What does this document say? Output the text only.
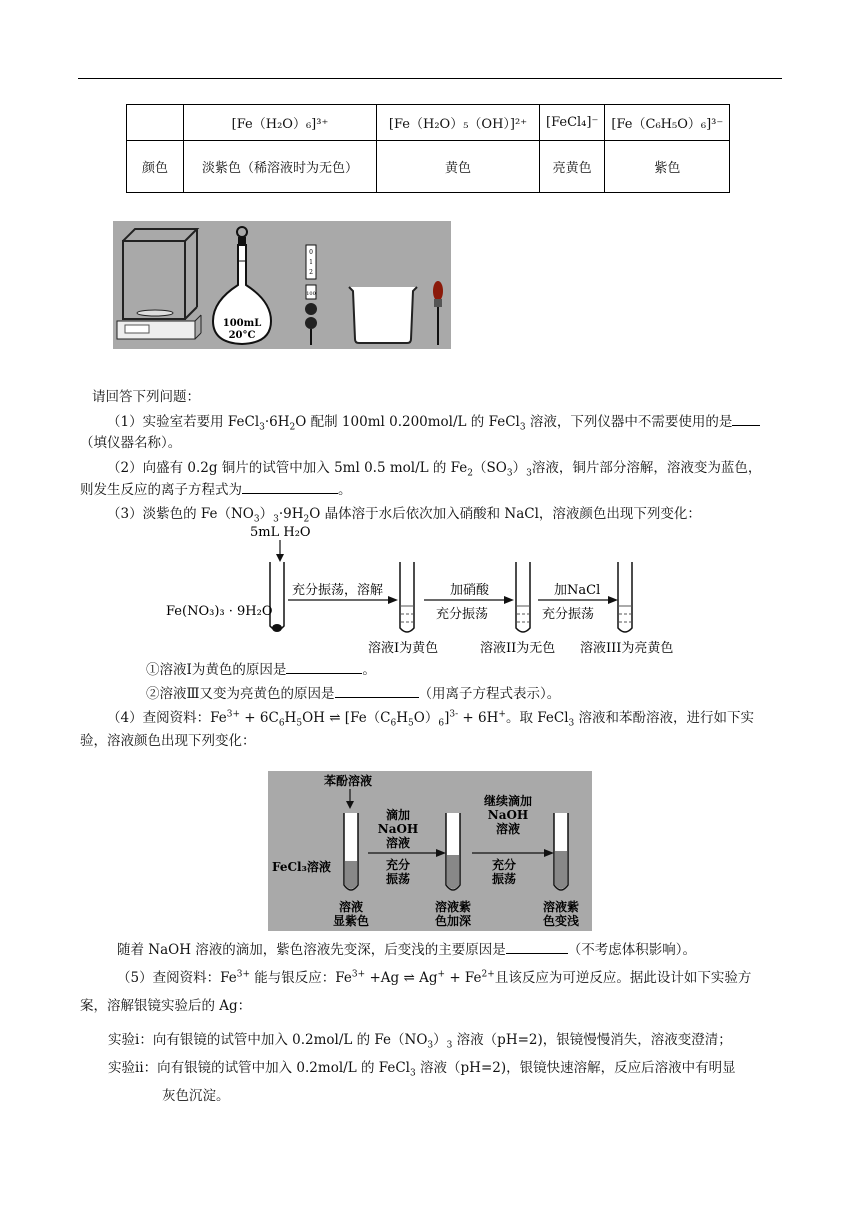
	[Fe（H₂O）₆]³⁺	[Fe（H₂O）₅（OH）]²⁺	[FeCl₄]⁻	[Fe（C₆H₅O）₆]³⁻
颜色	淡紫色（稀溶液时为无色）	黄色	亮黄色	紫色
100mL
20°C
0
1
2
100
请回答下列问题：
（1）实验室若要用 $FeCl_3\cdot 6H_2O$ 配制 100ml 0.200mol/L 的 FeCl$_3$ 溶液，下列仪器中不需要使用的是
（填仪器名称）。
（2）向盛有 0.2g 铜片的试管中加入 5ml 0.5 mol/L 的 $Fe_2(SO_3)_3$溶液，铜片部分溶解，溶液变为蓝色，
则发生反应的离子方程式为	。
（3）淡紫色的 $Fe(NO_3)_3\cdot 9H_2O$ 晶体溶于水后依次加入硝酸和 NaCl，溶液颜色出现下列变化：
5mL H₂O
Fe(NO₃)₃ · 9H₂O
充分振荡，溶解	加硝酸
充分振荡
加NaCl
充分振荡
溶液I为黄色	溶液II为无色 溶液III为亮黄色
①溶液Ⅰ为黄色的原因是	。
②溶液Ⅲ又变为亮黄色的原因是	（用离子方程式表示）。
（4）查阅资料：$Fe^{3+} + 6C_6H_5OH$ ⇌ $[Fe(C_6H_5O)_6]^{3-} + 6H^+$。取 FeCl$_3$ 溶液和苯酚溶液，进行如下实
验，溶液颜色出现下列变化：
苯酚溶液
FeCl₃溶液
滴加
NaOH
溶液
充分
振荡
继续滴加
NaOH
溶液
充分
振荡
溶液
显紫色
溶液紫
色加深
溶液紫
色变浅
随着 NaOH 溶液的滴加，紫色溶液先变深，后变浅的主要原因是	（不考虑体积影响）。
（5）查阅资料：$Fe^{3+}$ 能与银反应：$Fe^{3+} +Ag$ ⇌ $Ag^+ + Fe^{2+}$且该反应为可逆反应。据此设计如下实验方
案，溶解银镜实验后的 Ag：
实验ⅰ：向有银镜的试管中加入 0.2mol/L 的 $Fe(NO_3)_3$ 溶液（pH=2)，银镜慢慢消失，溶液变澄清；
实验ⅱ：向有银镜的试管中加入 0.2mol/L 的 FeCl$_3$ 溶液（pH=2)，银镜快速溶解，反应后溶液中有明显
灰色沉淀。
